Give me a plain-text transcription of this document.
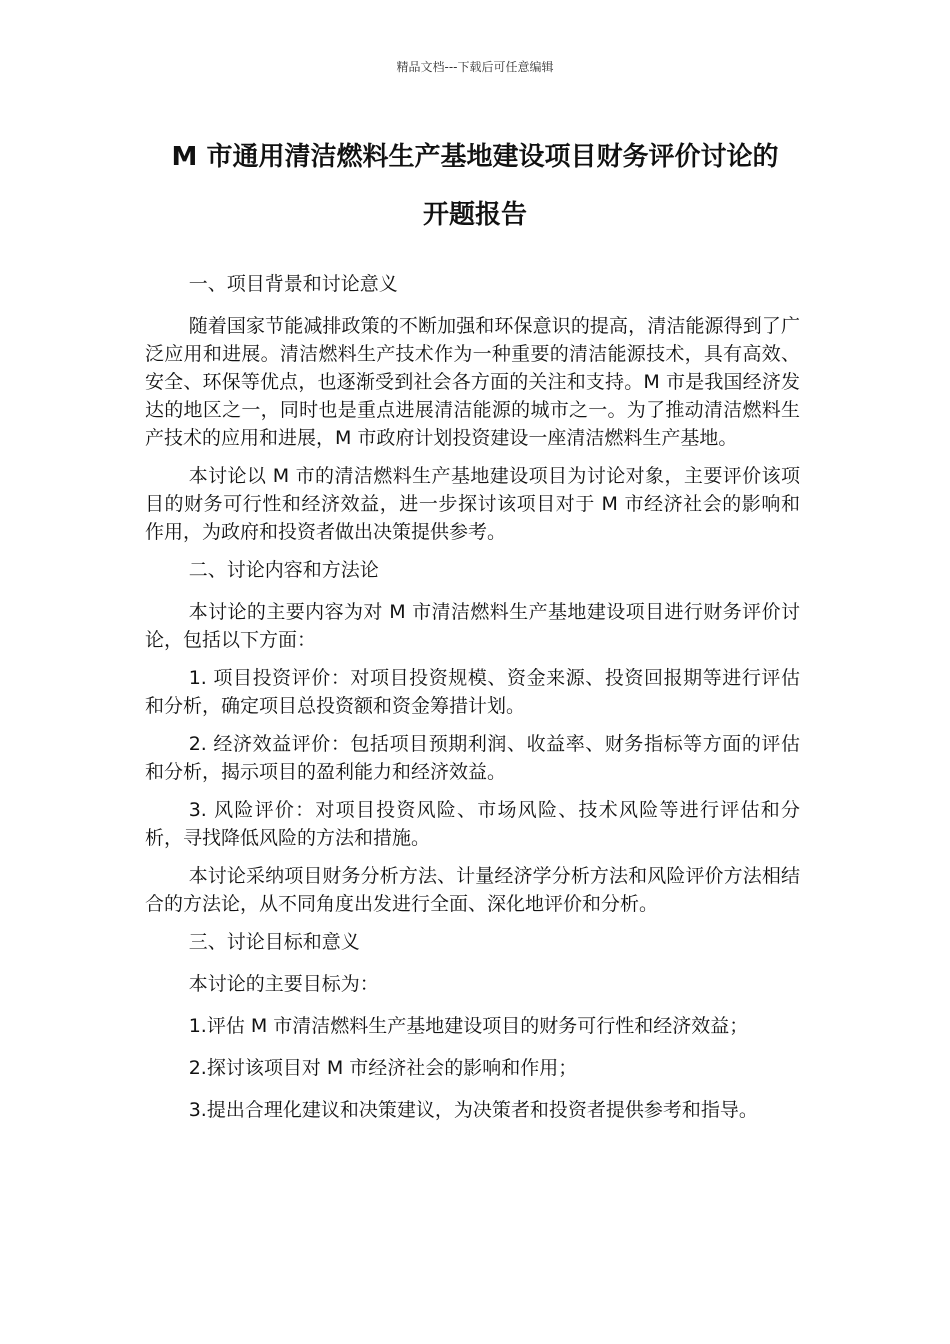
精品文档---下载后可任意编辑

M 市通用清洁燃料生产基地建设项目财务评价讨论的
开题报告

一、项目背景和讨论意义

随着国家节能减排政策的不断加强和环保意识的提高，清洁能源得到了广泛应用和进展。清洁燃料生产技术作为一种重要的清洁能源技术，具有高效、安全、环保等优点，也逐渐受到社会各方面的关注和支持。M 市是我国经济发达的地区之一，同时也是重点进展清洁能源的城市之一。为了推动清洁燃料生产技术的应用和进展，M 市政府计划投资建设一座清洁燃料生产基地。

本讨论以 M 市的清洁燃料生产基地建设项目为讨论对象，主要评价该项目的财务可行性和经济效益，进一步探讨该项目对于 M 市经济社会的影响和作用，为政府和投资者做出决策提供参考。

二、讨论内容和方法论

本讨论的主要内容为对 M 市清洁燃料生产基地建设项目进行财务评价讨论，包括以下方面：

1. 项目投资评价：对项目投资规模、资金来源、投资回报期等进行评估和分析，确定项目总投资额和资金筹措计划。

2. 经济效益评价：包括项目预期利润、收益率、财务指标等方面的评估和分析，揭示项目的盈利能力和经济效益。

3. 风险评价：对项目投资风险、市场风险、技术风险等进行评估和分析，寻找降低风险的方法和措施。

本讨论采纳项目财务分析方法、计量经济学分析方法和风险评价方法相结合的方法论，从不同角度出发进行全面、深化地评价和分析。

三、讨论目标和意义

本讨论的主要目标为：

1.评估 M 市清洁燃料生产基地建设项目的财务可行性和经济效益；

2.探讨该项目对 M 市经济社会的影响和作用；

3.提出合理化建议和决策建议，为决策者和投资者提供参考和指导。
